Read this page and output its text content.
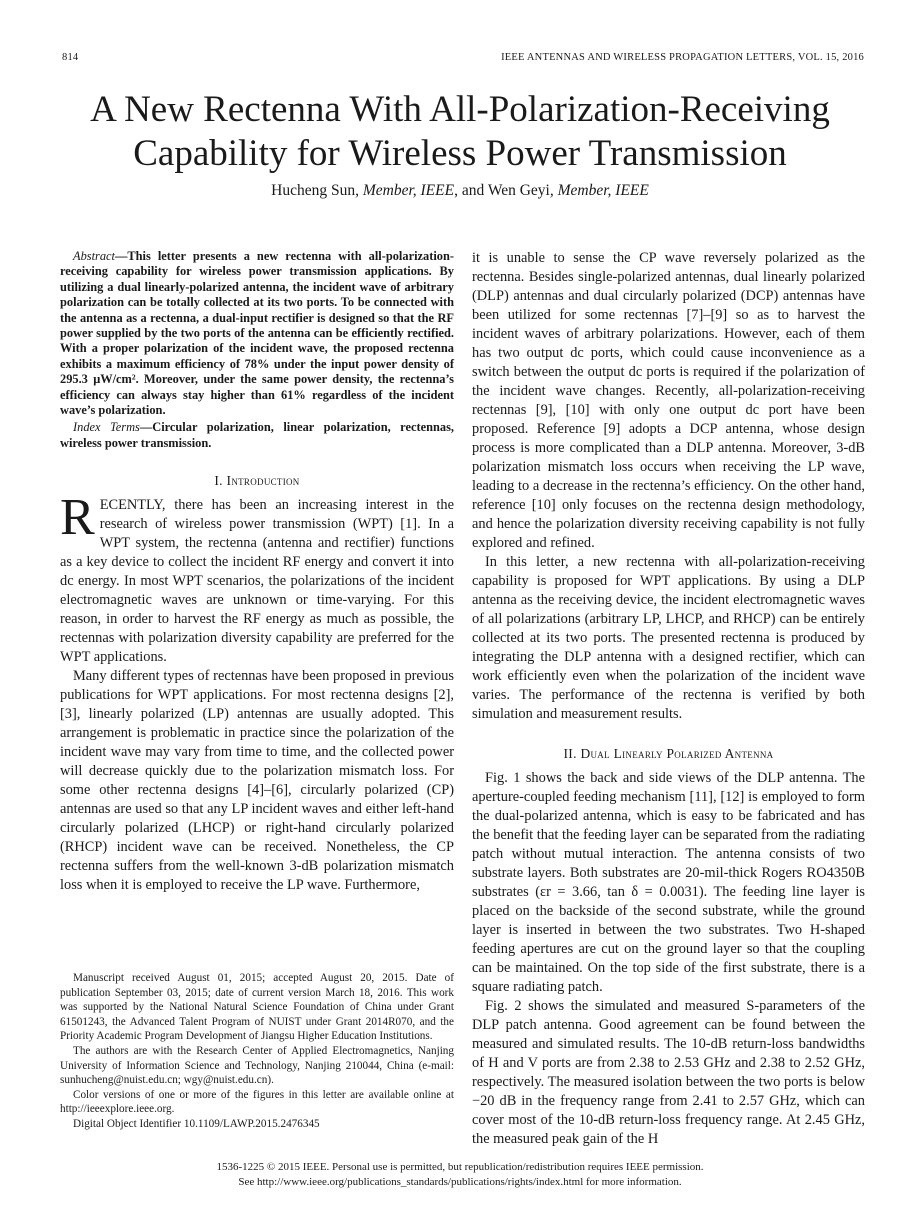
814	IEEE ANTENNAS AND WIRELESS PROPAGATION LETTERS, VOL. 15, 2016
A New Rectenna With All-Polarization-Receiving
Capability for Wireless Power Transmission
Hucheng Sun, Member, IEEE, and Wen Geyi, Member, IEEE

Abstract—This letter presents a new rectenna with all-polarization-receiving capability for wireless power transmission applications. By utilizing a dual linearly-polarized antenna, the incident wave of arbitrary polarization can be totally collected at its two ports. To be connected with the antenna as a rectenna, a dual-input rectifier is designed so that the RF power supplied by the two ports of the antenna can be efficiently rectified. With a proper polarization of the incident wave, the proposed rectenna exhibits a maximum efficiency of 78% under the input power density of 295.3 μW/cm². Moreover, under the same power density, the rectenna’s efficiency can always stay higher than 61% regardless of the incident wave’s polarization.

Index Terms—Circular polarization, linear polarization, rectennas, wireless power transmission.

I. Introduction

RECENTLY, there has been an increasing interest in the research of wireless power transmission (WPT) [1]. In a WPT system, the rectenna (antenna and rectifier) functions as a key device to collect the incident RF energy and convert it into dc energy. In most WPT scenarios, the polarizations of the incident electromagnetic waves are unknown or time-varying. For this reason, in order to harvest the RF energy as much as possible, the rectennas with polarization diversity capability are preferred for the WPT applications.

Many different types of rectennas have been proposed in previous publications for WPT applications. For most rectenna designs [2], [3], linearly polarized (LP) antennas are usually adopted. This arrangement is problematic in practice since the polarization of the incident wave may vary from time to time, and the collected power will decrease quickly due to the polarization mismatch loss. For some other rectenna designs [4]–[6], circularly polarized (CP) antennas are used so that any LP incident waves and either left-hand circularly polarized (LHCP) or right-hand circularly polarized (RHCP) incident wave can be received. Nonetheless, the CP rectenna suffers from the well-known 3-dB polarization mismatch loss when it is employed to receive the LP wave. Furthermore,

Manuscript received August 01, 2015; accepted August 20, 2015. Date of publication September 03, 2015; date of current version March 18, 2016. This work was supported by the National Natural Science Foundation of China under Grant 61501243, the Advanced Talent Program of NUIST under Grant 2014R070, and the Priority Academic Program Development of Jiangsu Higher Education Institutions.

The authors are with the Research Center of Applied Electromagnetics, Nanjing University of Information Science and Technology, Nanjing 210044, China (e-mail: sunhucheng@nuist.edu.cn; wgy@nuist.edu.cn).

Color versions of one or more of the figures in this letter are available online at http://ieeexplore.ieee.org.

Digital Object Identifier 10.1109/LAWP.2015.2476345

it is unable to sense the CP wave reversely polarized as the rectenna. Besides single-polarized antennas, dual linearly polarized (DLP) antennas and dual circularly polarized (DCP) antennas have been utilized for some rectennas [7]–[9] so as to harvest the incident waves of arbitrary polarizations. However, each of them has two output dc ports, which could cause inconvenience as a switch between the output dc ports is required if the polarization of the incident wave changes. Recently, all-polarization-receiving rectennas [9], [10] with only one output dc port have been proposed. Reference [9] adopts a DCP antenna, whose design process is more complicated than a DLP antenna. Moreover, 3-dB polarization mismatch loss occurs when receiving the LP wave, leading to a decrease in the rectenna’s efficiency. On the other hand, reference [10] only focuses on the rectenna design methodology, and hence the polarization diversity receiving capability is not fully explored and refined.

In this letter, a new rectenna with all-polarization-receiving capability is proposed for WPT applications. By using a DLP antenna as the receiving device, the incident electromagnetic waves of all polarizations (arbitrary LP, LHCP, and RHCP) can be entirely collected at its two ports. The presented rectenna is produced by integrating the DLP antenna with a designed rectifier, which can work efficiently even when the polarization of the incident wave varies. The performance of the rectenna is verified by both simulation and measurement results.

II. Dual Linearly Polarized Antenna

Fig. 1 shows the back and side views of the DLP antenna. The aperture-coupled feeding mechanism [11], [12] is employed to form the dual-polarized antenna, which is easy to be fabricated and has the benefit that the feeding layer can be separated from the radiating patch without mutual interaction. The antenna consists of two substrate layers. Both substrates are 20-mil-thick Rogers RO4350B substrates (εr = 3.66, tan δ = 0.0031). The feeding line layer is placed on the backside of the second substrate, while the ground layer is inserted in between the two substrates. Two H-shaped feeding apertures are cut on the ground layer so that the coupling can be maintained. On the top side of the first substrate, there is a square radiating patch.

Fig. 2 shows the simulated and measured S-parameters of the DLP patch antenna. Good agreement can be found between the measured and simulated results. The 10-dB return-loss bandwidths of H and V ports are from 2.38 to 2.53 GHz and 2.38 to 2.52 GHz, respectively. The measured isolation between the two ports is below −20 dB in the frequency range from 2.41 to 2.57 GHz, which can cover most of the 10-dB return-loss frequency range. At 2.45 GHz, the measured peak gain of the H

1536-1225 © 2015 IEEE. Personal use is permitted, but republication/redistribution requires IEEE permission.
See http://www.ieee.org/publications_standards/publications/rights/index.html for more information.
